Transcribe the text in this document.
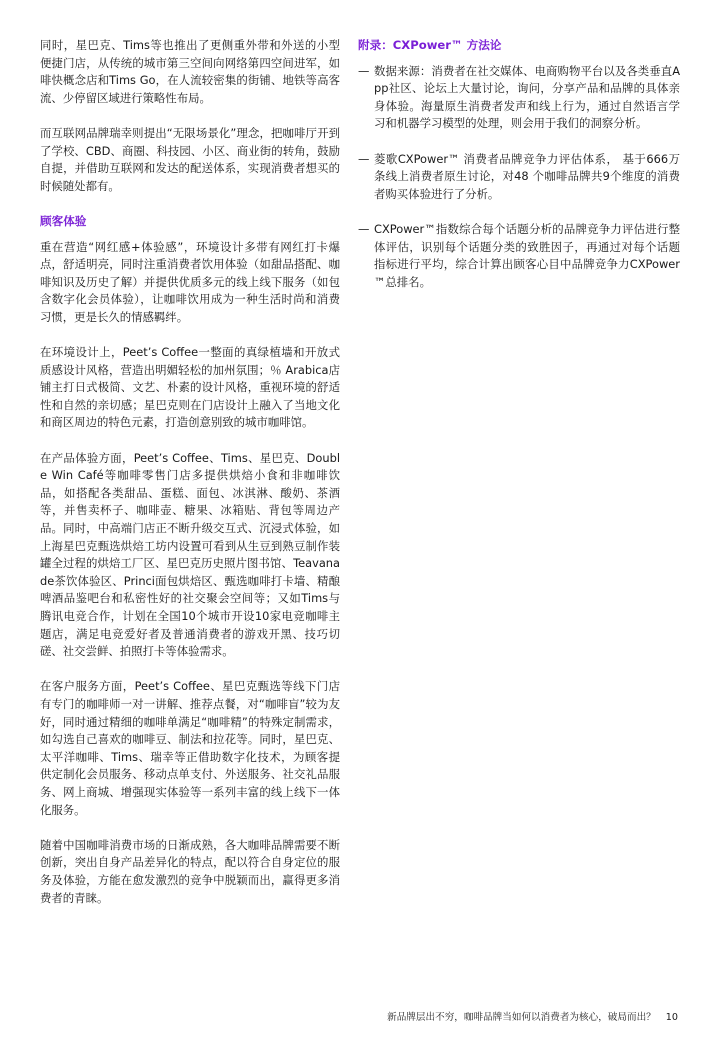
同时，星巴克、Tims等也推出了更侧重外带和外送的小型便捷门店，从传统的城市第三空间向网络第四空间进军，如啡快概念店和Tims Go，在人流较密集的街铺、地铁等高客流、少停留区域进行策略性布局。

而互联网品牌瑞幸则提出“无限场景化”理念，把咖啡厅开到了学校、CBD、商圈、科技园、小区、商业街的转角，鼓励自提，并借助互联网和发达的配送体系，实现消费者想买的时候随处都有。

顾客体验

重在营造“网红感+体验感”，环境设计多带有网红打卡爆点，舒适明亮，同时注重消费者饮用体验（如甜品搭配、咖啡知识及历史了解）并提供优质多元的线上线下服务（如包含数字化会员体验），让咖啡饮用成为一种生活时尚和消费习惯，更是长久的情感羁绊。

在环境设计上，Peet’s Coffee一整面的真绿植墙和开放式质感设计风格，营造出明媚轻松的加州氛围；％ Arabica店铺主打日式极简、文艺、朴素的设计风格，重视环境的舒适性和自然的亲切感；星巴克则在门店设计上融入了当地文化和商区周边的特色元素，打造创意别致的城市咖啡馆。

在产品体验方面，Peet’s Coffee、Tims、星巴克、Double Win Café等咖啡零售门店多提供烘焙小食和非咖啡饮品，如搭配各类甜品、蛋糕、面包、冰淇淋、酸奶、茶酒等，并售卖杯子、咖啡壶、糖果、冰箱贴、背包等周边产品。同时，中高端门店正不断升级交互式、沉浸式体验，如上海星巴克甄选烘焙工坊内设置可看到从生豆到熟豆制作装罐全过程的烘焙工厂区、星巴克历史照片图书馆、Teavanade茶饮体验区、Princi面包烘焙区、甄选咖啡打卡墙、精酿啤酒品鉴吧台和私密性好的社交聚会空间等；又如Tims与腾讯电竞合作，计划在全国10个城市开设10家电竞咖啡主题店，满足电竞爱好者及普通消费者的游戏开黑、技巧切磋、社交尝鲜、拍照打卡等体验需求。

在客户服务方面，Peet’s Coffee、星巴克甄选等线下门店有专门的咖啡师一对一讲解、推荐点餐，对“咖啡盲”较为友好，同时通过精细的咖啡单满足“咖啡精”的特殊定制需求，如勾选自己喜欢的咖啡豆、制法和拉花等。同时，星巴克、太平洋咖啡、Tims、瑞幸等正借助数字化技术，为顾客提供定制化会员服务、移动点单支付、外送服务、社交礼品服务、网上商城、增强现实体验等一系列丰富的线上线下一体化服务。

随着中国咖啡消费市场的日渐成熟，各大咖啡品牌需要不断创新，突出自身产品差异化的特点，配以符合自身定位的服务及体验，方能在愈发激烈的竞争中脱颖而出，赢得更多消费者的青睐。

附录：CXPower™ 方法论
— 数据来源：消费者在社交媒体、电商购物平台以及各类垂直App社区、论坛上大量讨论，询问，分享产品和品牌的具体亲身体验。海量原生消费者发声和线上行为，通过自然语言学习和机器学习模型的处理，则会用于我们的洞察分析。
— 菱歌CXPower™ 消费者品牌竞争力评估体系， 基于666万条线上消费者原生讨论，对48 个咖啡品牌共9个维度的消费者购买体验进行了分析。
— CXPower™指数综合每个话题分析的品牌竞争力评估进行整体评估，识别每个话题分类的致胜因子，再通过对每个话题指标进行平均，综合计算出顾客心目中品牌竞争力CXPower™总排名。
新品牌层出不穷，咖啡品牌当如何以消费者为核心，破局而出？ 10
